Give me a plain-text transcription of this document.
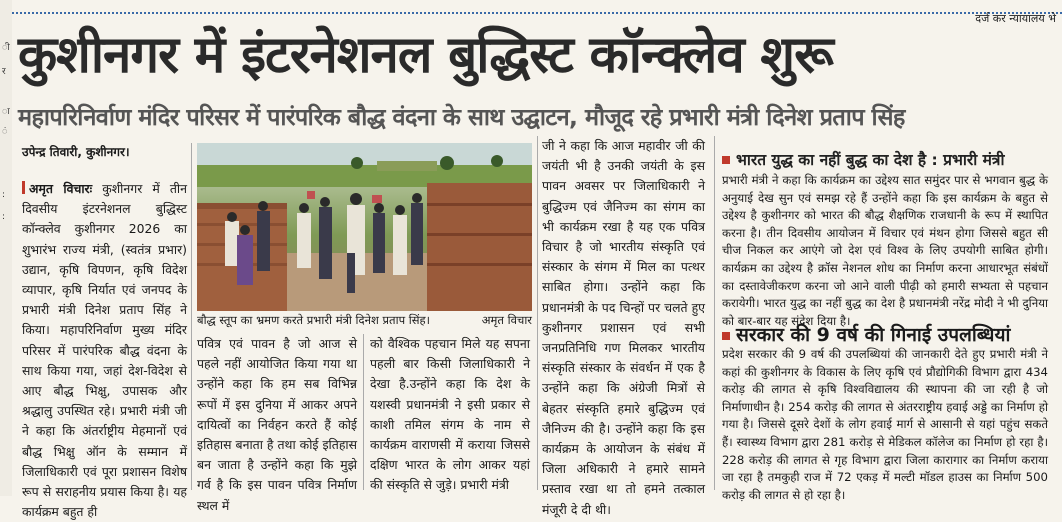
ी
र
ा
ं
:
:
दर्ज कर न्यायालय भे
कुशीनगर में इंटरनेशनल बुद्धिस्ट कॉन्क्लेव शुरू
महापरिनिर्वाण मंदिर परिसर में पारंपरिक बौद्ध वंदना के साथ उद्घाटन, मौजूद रहे प्रभारी मंत्री दिनेश प्रताप सिंह
उपेन्द्र तिवारी, कुशीनगर।
अमृत विचारः कुशीनगर में तीन दिवसीय इंटरनेशनल बुद्धिस्ट कॉन्क्लेव कुशीनगर 2026 का शुभारंभ राज्य मंत्री, (स्वतंत्र प्रभार) उद्यान, कृषि विपणन, कृषि विदेश व्यापार, कृषि निर्यात एवं जनपद के प्रभारी मंत्री दिनेश प्रताप सिंह ने किया। महापरिनिर्वाण मुख्य मंदिर परिसर में पारंपरिक बौद्ध वंदना के साथ किया गया, जहां देश-विदेश से आए बौद्ध भिक्षु, उपासक और श्रद्धालु उपस्थित रहे। प्रभारी मंत्री जी ने कहा कि अंतर्राष्ट्रीय मेहमानों एवं बौद्ध भिक्षु ऑन के सम्मान में जिलाधिकारी एवं पूरा प्रशासन विशेष रूप से सराहनीय प्रयास किया है। यह कार्यक्रम बहुत ही
बौद्ध स्तूप का भ्रमण करते प्रभारी मंत्री दिनेश प्रताप सिंह।	अमृत विचार
पवित्र एवं पावन है जो आज से पहले नहीं आयोजित किया गया था उन्होंने कहा कि हम सब विभिन्न रूपों में इस दुनिया में आकर अपने दायित्वों का निर्वहन करते हैं कोई इतिहास बनाता है तथा कोई इतिहास बन जाता है उन्होंने कहा कि मुझे गर्व है कि इस पावन पवित्र निर्माण स्थल में
को वैश्विक पहचान मिले यह सपना पहली बार किसी जिलाधिकारी ने देखा है.उन्होंने कहा कि देश के यशस्वी प्रधानमंत्री ने इसी प्रकार से काशी तमिल संगम के नाम से कार्यक्रम वाराणसी में कराया जिससे दक्षिण भारत के लोग आकर यहां की संस्कृति से जुड़े। प्रभारी मंत्री
जी ने कहा कि आज महावीर जी की जयंती भी है उनकी जयंती के इस पावन अवसर पर जिलाधिकारी ने बुद्धिज्म एवं जैनिज्म का संगम का भी कार्यक्रम रखा है यह एक पवित्र विचार है जो भारतीय संस्कृति एवं संस्कार के संगम में मिल का पत्थर साबित होगा। उन्होंने कहा कि प्रधानमंत्री के पद चिन्हों पर चलते हुए कुशीनगर प्रशासन एवं सभी जनप्रतिनिधि गण मिलकर भारतीय संस्कृति संस्कार के संवर्धन में एक है उन्होंने कहा कि अंग्रेजी मित्रों से बेहतर संस्कृति हमारे बुद्धिज्म एवं जैनिज्म की है। उन्होंने कहा कि इस कार्यक्रम के आयोजन के संबंध में जिला अधिकारी ने हमारे सामने प्रस्ताव रखा था तो हमने तत्काल मंजूरी दे दी थी।
भारत युद्ध का नहीं बुद्ध का देश है : प्रभारी मंत्री
प्रभारी मंत्री ने कहा कि कार्यक्रम का उद्देश्य सात समुंदर पार से भगवान बुद्ध के अनुयाई देख सुन एवं समझ रहे हैं उन्होंने कहा कि इस कार्यक्रम के बहुत से उद्देश्य है कुशीनगर को भारत की बौद्ध शैक्षणिक राजधानी के रूप में स्थापित करना है। तीन दिवसीय आयोजन में विचार एवं मंथन होगा जिससे बहुत सी चीज निकल कर आएंगे जो देश एवं विश्व के लिए उपयोगी साबित होगी। कार्यक्रम का उद्देश्य है क्रॉस नेशनल शोध का निर्माण करना आधारभूत संबंधों का दस्तावेजीकरण करना जो आने वाली पीढ़ी को हमारी सभ्यता से पहचान करायेगी। भारत युद्ध का नहीं बुद्ध का देश है प्रधानमंत्री नरेंद्र मोदी ने भी दुनिया को बार-बार यह संदेश दिया है।
सरकार की 9 वर्ष की गिनाई उपलब्धियां
प्रदेश सरकार की 9 वर्ष की उपलब्धियां की जानकारी देते हुए प्रभारी मंत्री ने कहां की कुशीनगर के विकास के लिए कृषि एवं प्रौद्योगिकी विभाग द्वारा 434 करोड़ की लागत से कृषि विश्वविद्यालय की स्थापना की जा रही है जो निर्माणाधीन है। 254 करोड़ की लागत से अंतरराष्ट्रीय हवाई अड्डे का निर्माण हो गया है। जिससे दूसरे देशों के लोग हवाई मार्ग से आसानी से यहां पहुंच सकते हैं। स्वास्थ्य विभाग द्वारा 281 करोड़ से मेडिकल कॉलेज का निर्माण हो रहा है। 228 करोड़ की लागत से गृह विभाग द्वारा जिला कारागार का निर्माण कराया जा रहा है तमकुही राज में 72 एकड़ में मल्टी मॉडल हाउस का निर्माण 500 करोड़ की लागत से हो रहा है।
